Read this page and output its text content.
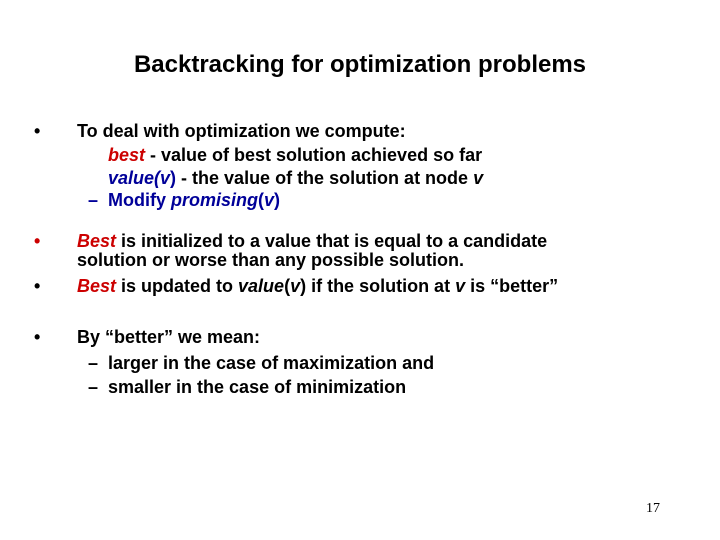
Backtracking for optimization problems
• To deal with optimization we compute:
best - value of best solution achieved so far
value(v) - the value of the solution at node v
– Modify promising(v)
• Best is initialized to a value that is equal to a candidate
solution or worse than any possible solution.
• Best is updated to value(v) if the solution at v is “better”
• By “better” we mean:
– larger in the case of maximization and
– smaller in the case of minimization
17
